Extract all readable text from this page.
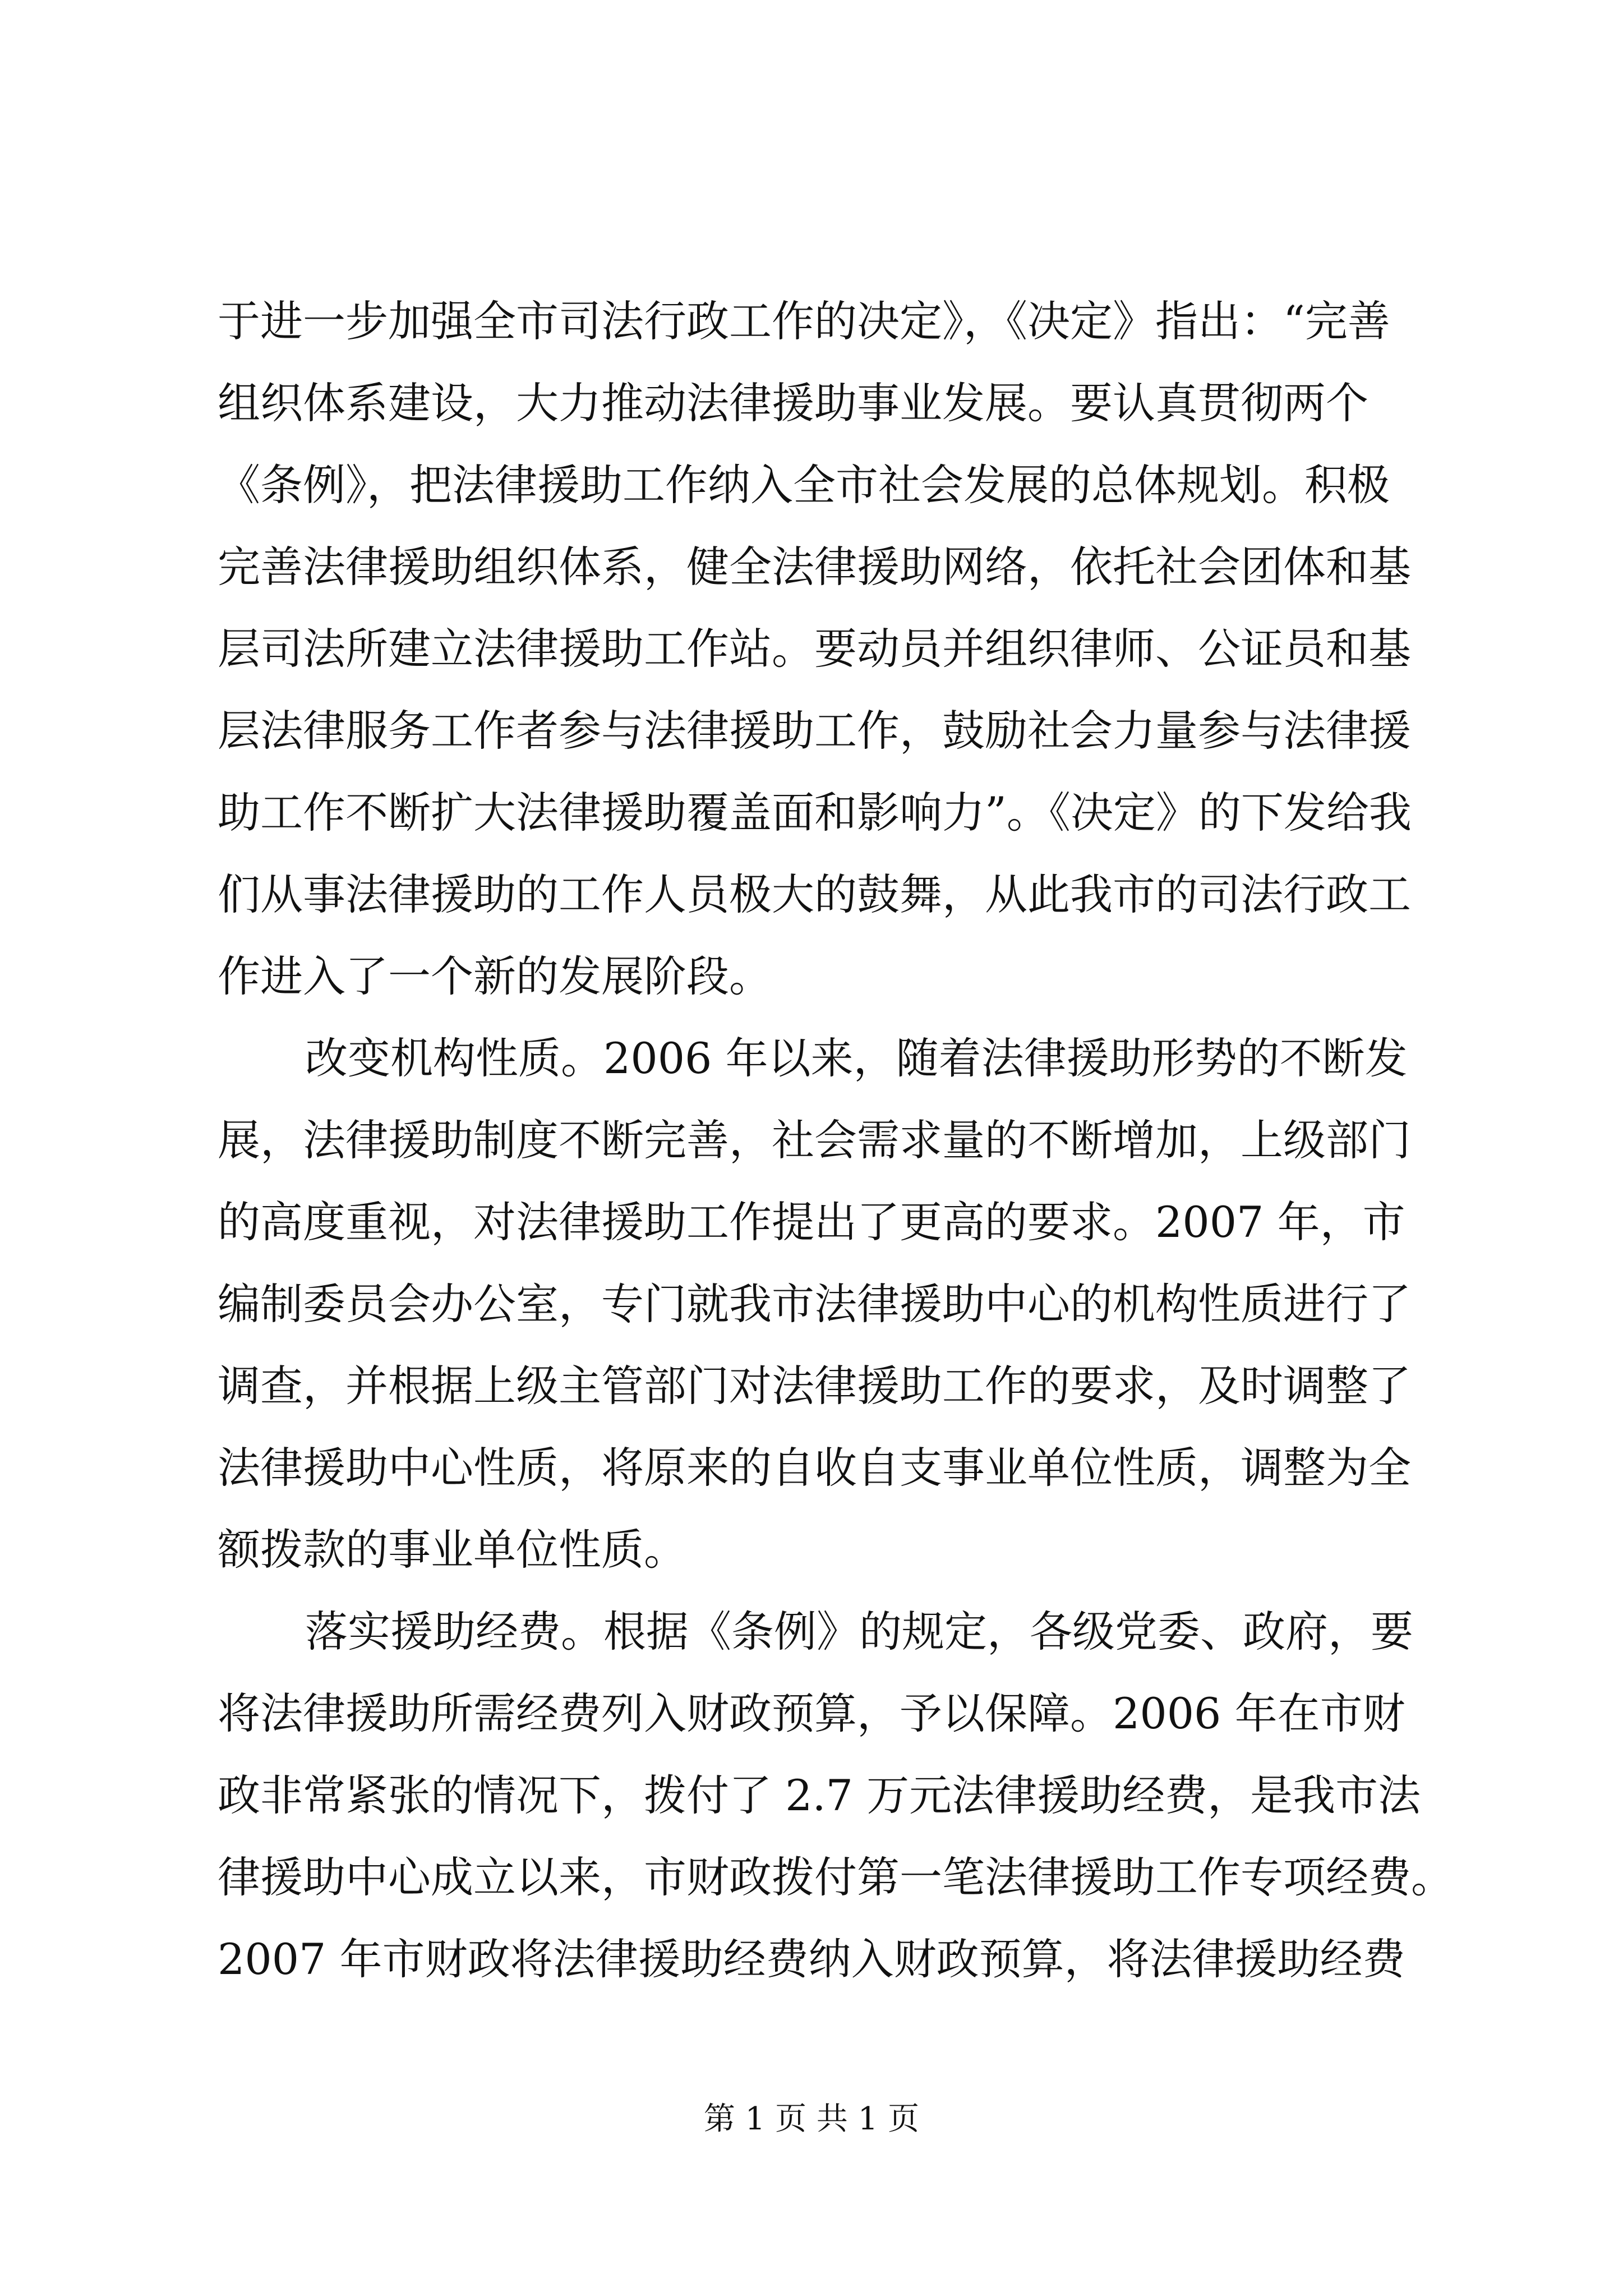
于进一步加强全市司法行政工作的决定》，《决定》指出：“完善
组织体系建设，大力推动法律援助事业发展。要认真贯彻两个
《条例》，把法律援助工作纳入全市社会发展的总体规划。积极
完善法律援助组织体系，健全法律援助网络，依托社会团体和基
层司法所建立法律援助工作站。要动员并组织律师、公证员和基
层法律服务工作者参与法律援助工作，鼓励社会力量参与法律援
助工作不断扩大法律援助覆盖面和影响力”。《决定》的下发给我
们从事法律援助的工作人员极大的鼓舞，从此我市的司法行政工
作进入了一个新的发展阶段。

改变机构性质。2006 年以来，随着法律援助形势的不断发
展，法律援助制度不断完善，社会需求量的不断增加，上级部门
的高度重视，对法律援助工作提出了更高的要求。2007 年，市
编制委员会办公室，专门就我市法律援助中心的机构性质进行了
调查，并根据上级主管部门对法律援助工作的要求，及时调整了
法律援助中心性质，将原来的自收自支事业单位性质，调整为全
额拨款的事业单位性质。

落实援助经费。根据《条例》的规定，各级党委、政府，要
将法律援助所需经费列入财政预算，予以保障。2006 年在市财
政非常紧张的情况下，拨付了 2.7 万元法律援助经费，是我市法
律援助中心成立以来，市财政拨付第一笔法律援助工作专项经费。
2007 年市财政将法律援助经费纳入财政预算，将法律援助经费

第 1 页 共 1 页
